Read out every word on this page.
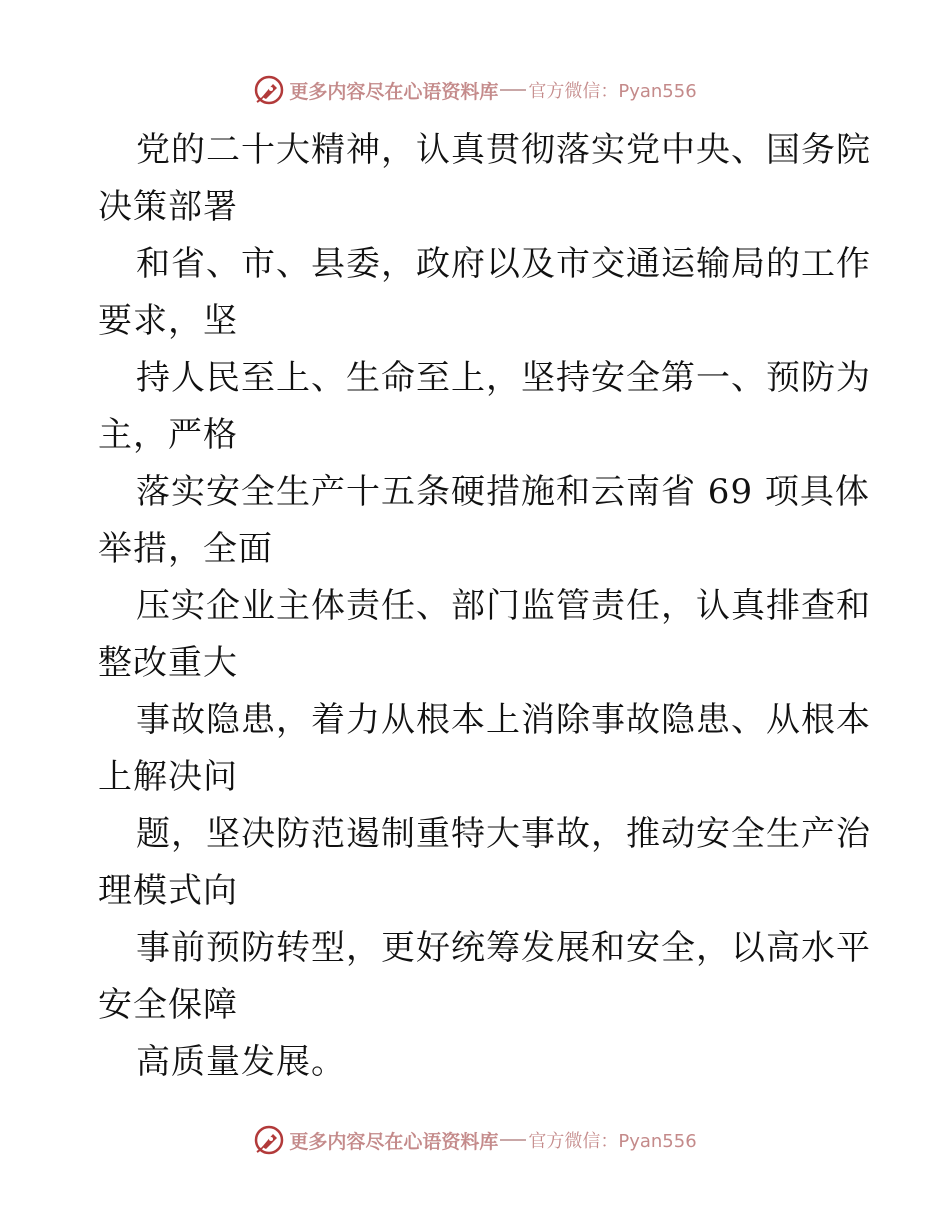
更多内容尽在心语资料库 官方微信：Pyan556
党的二十大精神，认真贯彻落实党中央、国务院
决策部署
和省、市、县委，政府以及市交通运输局的工作
要求，坚
持人民至上、生命至上，坚持安全第一、预防为
主，严格
落实安全生产十五条硬措施和云南省 69 项具体
举措，全面
压实企业主体责任、部门监管责任，认真排查和
整改重大
事故隐患，着力从根本上消除事故隐患、从根本
上解决问
题，坚决防范遏制重特大事故，推动安全生产治
理模式向
事前预防转型，更好统筹发展和安全，以高水平
安全保障
高质量发展。
更多内容尽在心语资料库 官方微信：Pyan556
